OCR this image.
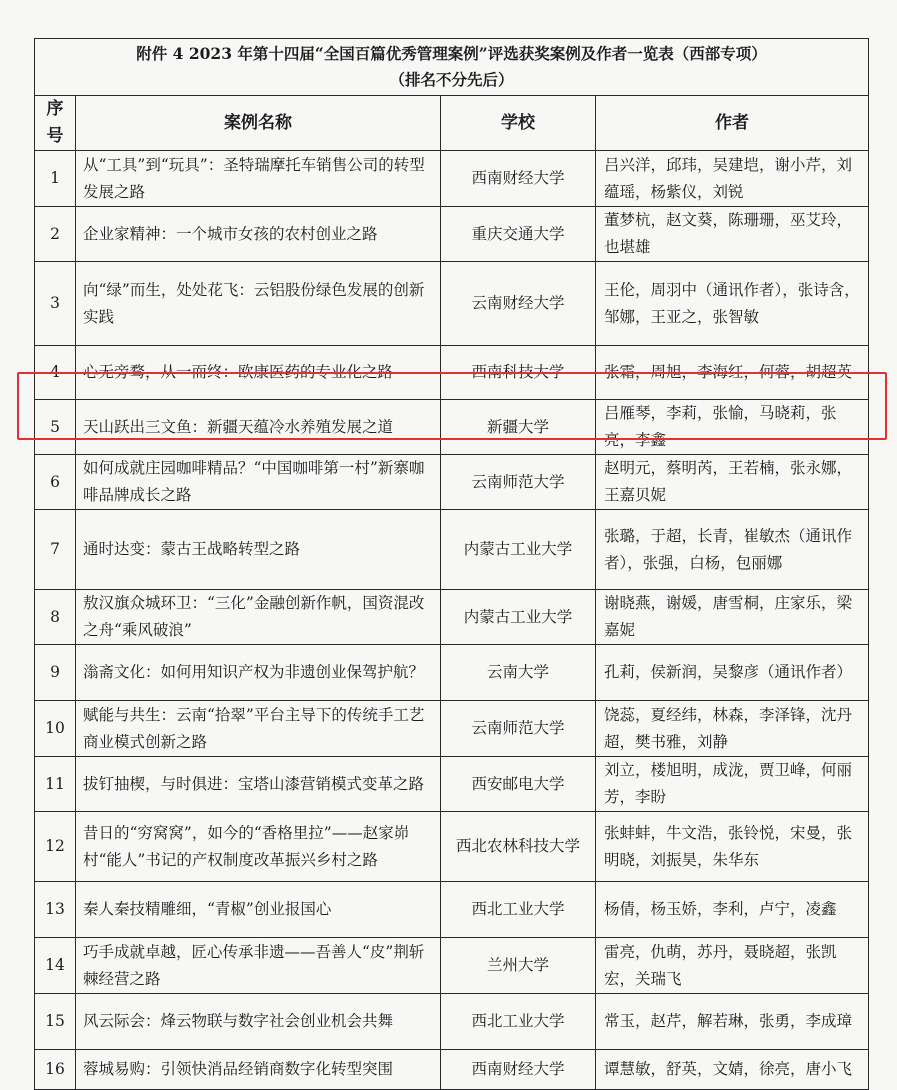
附件 4 2023 年第十四届“全国百篇优秀管理案例”评选获奖案例及作者一览表（西部专项）
（排名不分先后）			

序号	案例名称	学校	作者
1	从“工具”到“玩具”：圣特瑞摩托车销售公司的转型发展之路	西南财经大学	吕兴洋，邱玮，吴建垲，谢小芹，刘蕴瑶，杨紫仪，刘锐
2	企业家精神：一个城市女孩的农村创业之路	重庆交通大学	董梦杭，赵文葵，陈珊珊，巫艾玲，也堪雄
3	向“绿”而生，处处花飞：云铝股份绿色发展的创新实践	云南财经大学	王伦，周羽中（通讯作者），张诗含，邹娜，王亚之，张智敏
4	心无旁骛，从一而终：欧康医药的专业化之路	西南科技大学	张霜，周旭，李海红，何蓉，胡超英
5	天山跃出三文鱼：新疆天蕴冷水养殖发展之道	新疆大学	吕雁琴，李莉，张愉，马晓莉，张亮，李鑫
6	如何成就庄园咖啡精品？“中国咖啡第一村”新寨咖啡品牌成长之路	云南师范大学	赵明元，蔡明芮，王若楠，张永娜，王嘉贝妮
7	通时达变：蒙古王战略转型之路	内蒙古工业大学	张璐，于超，长青，崔敏杰（通讯作者），张强，白杨，包丽娜
8	敖汉旗众城环卫：“三化”金融创新作帆，国资混改之舟“乘风破浪”	内蒙古工业大学	谢晓燕，谢媛，唐雪桐，庄家乐，梁嘉妮
9	滃斋文化：如何用知识产权为非遗创业保驾护航？	云南大学	孔莉，侯新润，吴黎彦（通讯作者）
10	赋能与共生：云南“拾翠”平台主导下的传统手工艺商业模式创新之路	云南师范大学	饶蕊，夏经纬，林森，李泽锋，沈丹超，樊书雅，刘静
11	拔钉抽楔，与时俱进：宝塔山漆营销模式变革之路	西安邮电大学	刘立，楼旭明，成泷，贾卫峰，何丽芳，李盼
12	昔日的“穷窝窝”，如今的“香格里拉”——赵家峁村“能人”书记的产权制度改革振兴乡村之路	西北农林科技大学	张蚌蚌，牛文浩，张铃悦，宋曼，张明晓，刘振昊，朱华东
13	秦人秦技精雕细，“青椒”创业报国心	西北工业大学	杨倩，杨玉娇，李利，卢宁，凌鑫
14	巧手成就卓越，匠心传承非遗——吾善人“皮”荆斩棘经营之路	兰州大学	雷亮，仇萌，苏丹，聂晓超，张凯宏，关瑞飞
15	风云际会：烽云物联与数字社会创业机会共舞	西北工业大学	常玉，赵芹，解若琳，张勇，李成璋
16	蓉城易购：引领快消品经销商数字化转型突围	西南财经大学	谭慧敏，舒英，文婧，徐亮，唐小飞
